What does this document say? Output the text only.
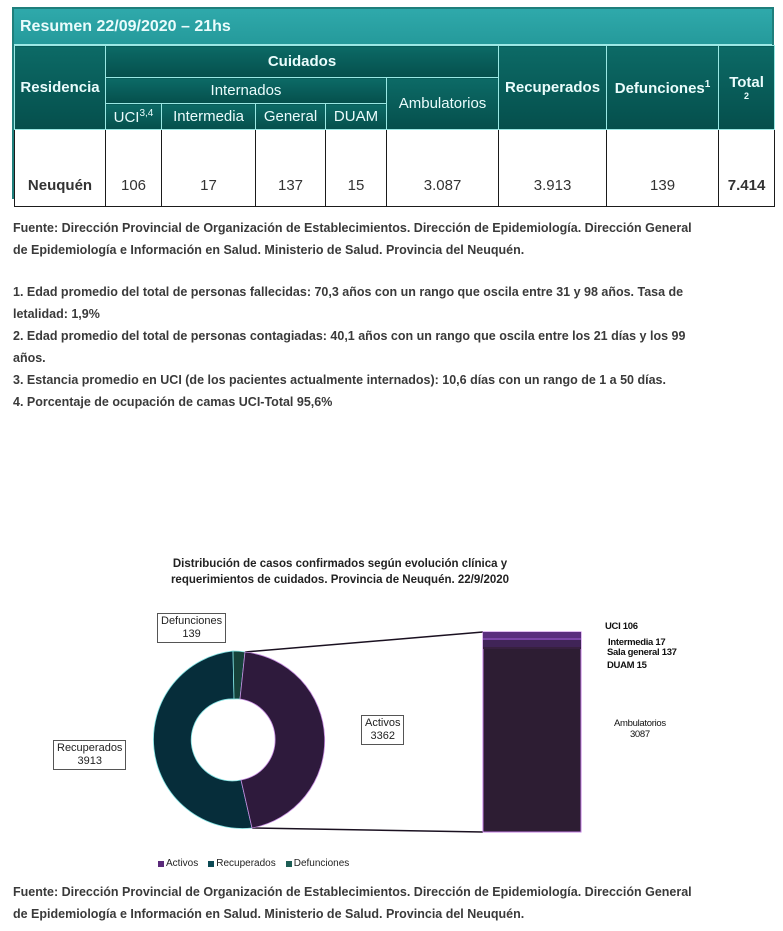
Resumen 22/09/2020 – 21hs
Residencia	Cuidados					Recuperados	Defunciones$^1$	Total
2

	Internados				Ambulatorios			
	UCI$^{3,4}$	Intermedia	General	DUAM				
Neuquén	106	17	137	15	3.087	3.913	139	7.414
Fuente: Dirección Provincial de Organización de Establecimientos. Dirección de Epidemiología. Dirección General
de Epidemiología e Información en Salud. Ministerio de Salud. Provincia del Neuquén.
1. Edad promedio del total de personas fallecidas: 70,3 años con un rango que oscila entre 31 y 98 años. Tasa de
letalidad: 1,9%
2. Edad promedio del total de personas contagiadas: 40,1 años con un rango que oscila entre los 21 días y los 99
años.
3. Estancia promedio en UCI (de los pacientes actualmente internados): 10,6 días con un rango de 1 a 50 días.
4. Porcentaje de ocupación de camas UCI-Total 95,6%
Distribución de casos confirmados según evolución clínica y
requerimientos de cuidados. Provincia de Neuquén. 22/9/2020
Defunciones
139
Recuperados
3913
Activos
3362
UCI 106
Intermedia 17
Sala general 137
DUAM 15
Ambulatorios
3087
Activos Recuperados Defunciones
Fuente: Dirección Provincial de Organización de Establecimientos. Dirección de Epidemiología. Dirección General
de Epidemiología e Información en Salud. Ministerio de Salud. Provincia del Neuquén.
